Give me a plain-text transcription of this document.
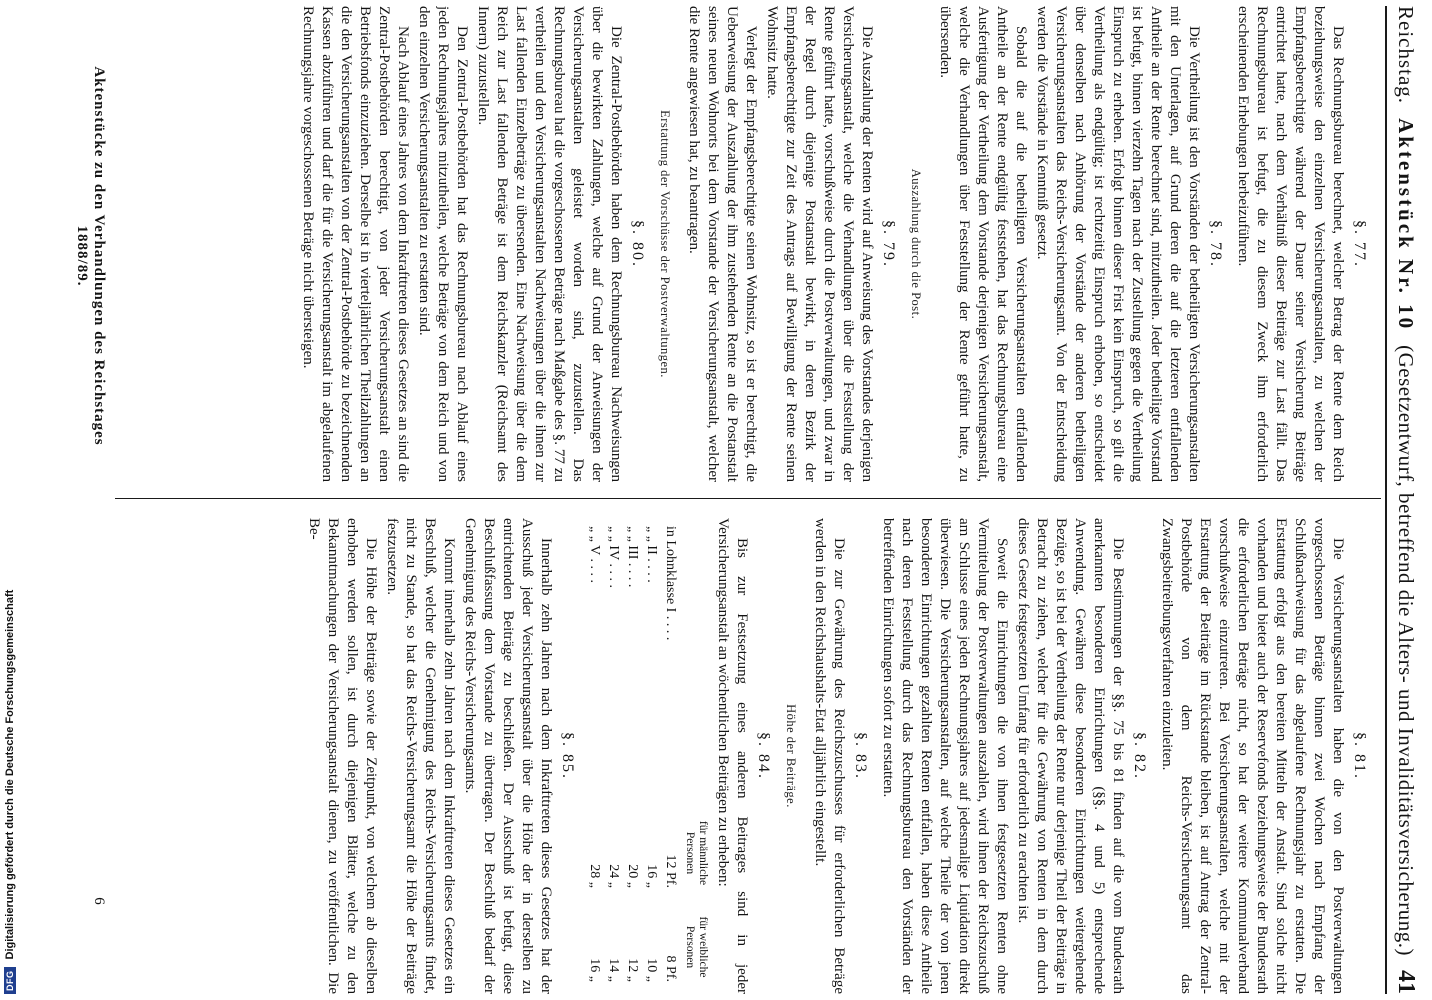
Reichstag.
Aktenstück Nr. 10
(Gesetzentwurf, betreffend die Alters- und Invaliditätsversicherung.)
41
§. 77.

Das Rechnungsbureau berechnet, welcher Betrag der Rente dem Reich beziehungsweise den einzelnen Versicherungsanstalten, zu welchen der Empfangsberechtigte während der Dauer seiner Versicherung Beiträge entrichtet hatte, nach dem Verhältniß dieser Beiträge zur Last fällt. Das Rechnungsbureau ist befugt, die zu diesem Zweck ihm erforderlich erscheinenden Erhebungen herbeizuführen.

§. 78.

Die Vertheilung ist den Vorständen der betheiligten Versicherungsanstalten mit den Unterlagen, auf Grund deren die auf die letzteren entfallenden Antheile an der Rente berechnet sind, mitzutheilen. Jeder betheiligte Vorstand ist befugt, binnen vierzehn Tagen nach der Zustellung gegen die Vertheilung Einspruch zu erheben. Erfolgt binnen dieser Frist kein Einspruch, so gilt die Vertheilung als endgültig; ist rechtzeitig Einspruch erhoben, so entscheidet über denselben nach Anhörung der Vorstände der anderen betheiligten Versicherungsanstalten das Reichs-Versicherungsamt. Von der Entscheidung werden die Vorstände in Kenntniß gesetzt.

Sobald die auf die betheiligten Versicherungsanstalten entfallenden Antheile an der Rente endgültig feststehen, hat das Rechnungsbureau eine Ausfertigung der Vertheilung dem Vorstande derjenigen Versicherungsanstalt, welche die Verhandlungen über Feststellung der Rente geführt hatte, zu übersenden.

Auszahlung durch die Post.
§. 79.

Die Auszahlung der Renten wird auf Anweisung des Vorstandes derjenigen Versicherungsanstalt, welche die Verhandlungen über die Feststellung der Rente geführt hatte, vorschußweise durch die Postverwaltungen, und zwar in der Regel durch diejenige Postanstalt bewirkt, in deren Bezirk der Empfangsberechtigte zur Zeit des Antrags auf Bewilligung der Rente seinen Wohnsitz hatte.

Verlegt der Empfangsberechtigte seinen Wohnsitz, so ist er berechtigt, die Ueberweisung der Auszahlung der ihm zustehenden Rente an die Postanstalt seines neuen Wohnorts bei dem Vorstande der Versicherungsanstalt, welcher die Rente angewiesen hat, zu beantragen.

Erstattung der Vorschüsse der Postverwaltungen.
§. 80.

Die Zentral-Postbehörden haben dem Rechnungsbureau Nachweisungen über die bewirkten Zahlungen, welche auf Grund der Anweisungen der Versicherungsanstalten geleistet worden sind, zuzustellen. Das Rechnungsbureau hat die vorgeschossenen Beträge nach Maßgabe des §. 77 zu vertheilen und den Versicherungsanstalten Nachweisungen über die ihnen zur Last fallenden Einzelbeträge zu übersenden. Eine Nachweisung über die dem Reich zur Last fallenden Beträge ist dem Reichskanzler (Reichsamt des Innern) zuzustellen.

Den Zentral-Postbehörden hat das Rechnungsbureau nach Ablauf eines jeden Rechnungsjahres mitzutheilen, welche Beträge von dem Reich und von den einzelnen Versicherungsanstalten zu erstatten sind.

Nach Ablauf eines Jahres von dem Inkrafttreten dieses Gesetzes an sind die Zentral-Postbehörden berechtigt, von jeder Versicherungsanstalt einen Betriebsfonds einzuziehen. Derselbe ist in vierteljährlichen Theilzahlungen an die den Versicherungsanstalten von der Zentral-Postbehörde zu bezeichnenden Kassen abzuführen und darf die für die Versicherungsanstalt im abgelaufenen Rechnungsjahre vorgeschossenen Beträge nicht übersteigen.

§. 81.

Die Versicherungsanstalten haben die von den Postverwaltungen vorgeschossenen Beträge binnen zwei Wochen nach Empfang der Schlußnachweisung für das abgelaufene Rechnungsjahr zu erstatten. Die Erstattung erfolgt aus den bereiten Mitteln der Anstalt. Sind solche nicht vorhanden und bietet auch der Reservefonds beziehungsweise der Bundesrath die erforderlichen Beträge nicht, so hat der weitere Kommunalverband vorschußweise einzutreten. Bei Versicherungsanstalten, welche mit der Erstattung der Beiträge im Rückstande bleiben, ist auf Antrag der Zentral-Postbehörde von dem Reichs-Versicherungsamt das Zwangsbeitreibungsverfahren einzuleiten.

§. 82.

Die Bestimmungen der §§. 75 bis 81 finden auf die vom Bundesrath anerkannten besonderen Einrichtungen (§§. 4 und 5) entsprechende Anwendung. Gewähren diese besonderen Einrichtungen weitergehende Bezüge, so ist bei der Vertheilung der Rente nur derjenige Theil der Beiträge in Betracht zu ziehen, welcher für die Gewährung von Renten in dem durch dieses Gesetz festgesetzten Umfang für erforderlich zu erachten ist.

Soweit die Einrichtungen die von ihnen festgesetzten Renten ohne Vermittelung der Postverwaltungen auszahlen, wird ihnen der Reichszuschuß am Schlusse eines jeden Rechnungsjahres auf jedesmalige Liquidation direkt überwiesen. Die Versicherungsanstalten, auf welche Theile der von jenen besonderen Einrichtungen gezahlten Renten entfallen, haben diese Antheile nach deren Feststellung durch das Rechnungsbureau den Vorständen der betreffenden Einrichtungen sofort zu erstatten.

§. 83.

Die zur Gewährung des Reichszuschusses für erforderlichen Beträge werden in den Reichshaushalts-Etat alljährlich eingestellt.

Höhe der Beiträge.
§. 84.

Bis zur Festsetzung eines anderen Beitrages sind in jeder Versicherungsanstalt an wöchentlichen Beiträgen zu erheben:

	für männliche Personen	für weibliche Personen
in Lohnklasse I . . . .	12 Pf.	8 Pf.
„ „ II . . . .	16 „	10 „
„ „ III . . . .	20 „	12 „
„ „ IV . . . .	24 „	14 „
„ „ V . . . .	28 „	16 „
§. 85.

Innerhalb zehn Jahren nach dem Inkrafttreten dieses Gesetzes hat der Ausschuß jeder Versicherungsanstalt über die Höhe der in derselben zu entrichtenden Beiträge zu beschließen. Der Ausschuß ist befugt, diese Beschlußfassung dem Vorstande zu übertragen. Der Beschluß bedarf der Genehmigung des Reichs-Versicherungsamts.

Kommt innerhalb zehn Jahren nach dem Inkrafttreten dieses Gesetzes ein Beschluß, welcher die Genehmigung des Reichs-Versicherungsamts findet, nicht zu Stande, so hat das Reichs-Versicherungsamt die Höhe der Beiträge festzusetzen.

Die Höhe der Beiträge sowie der Zeitpunkt, von welchem ab dieselben erhoben werden sollen, ist durch diejenigen Blätter, welche zu den Bekanntmachungen der Versicherungsanstalt dienen, zu veröffentlichen. Die Be-

Aktenstücke zu den Verhandlungen des Reichstages 1888/89.
6
DFG
Digitalisierung gefördert durch die Deutsche Forschungsgemeinschaft
